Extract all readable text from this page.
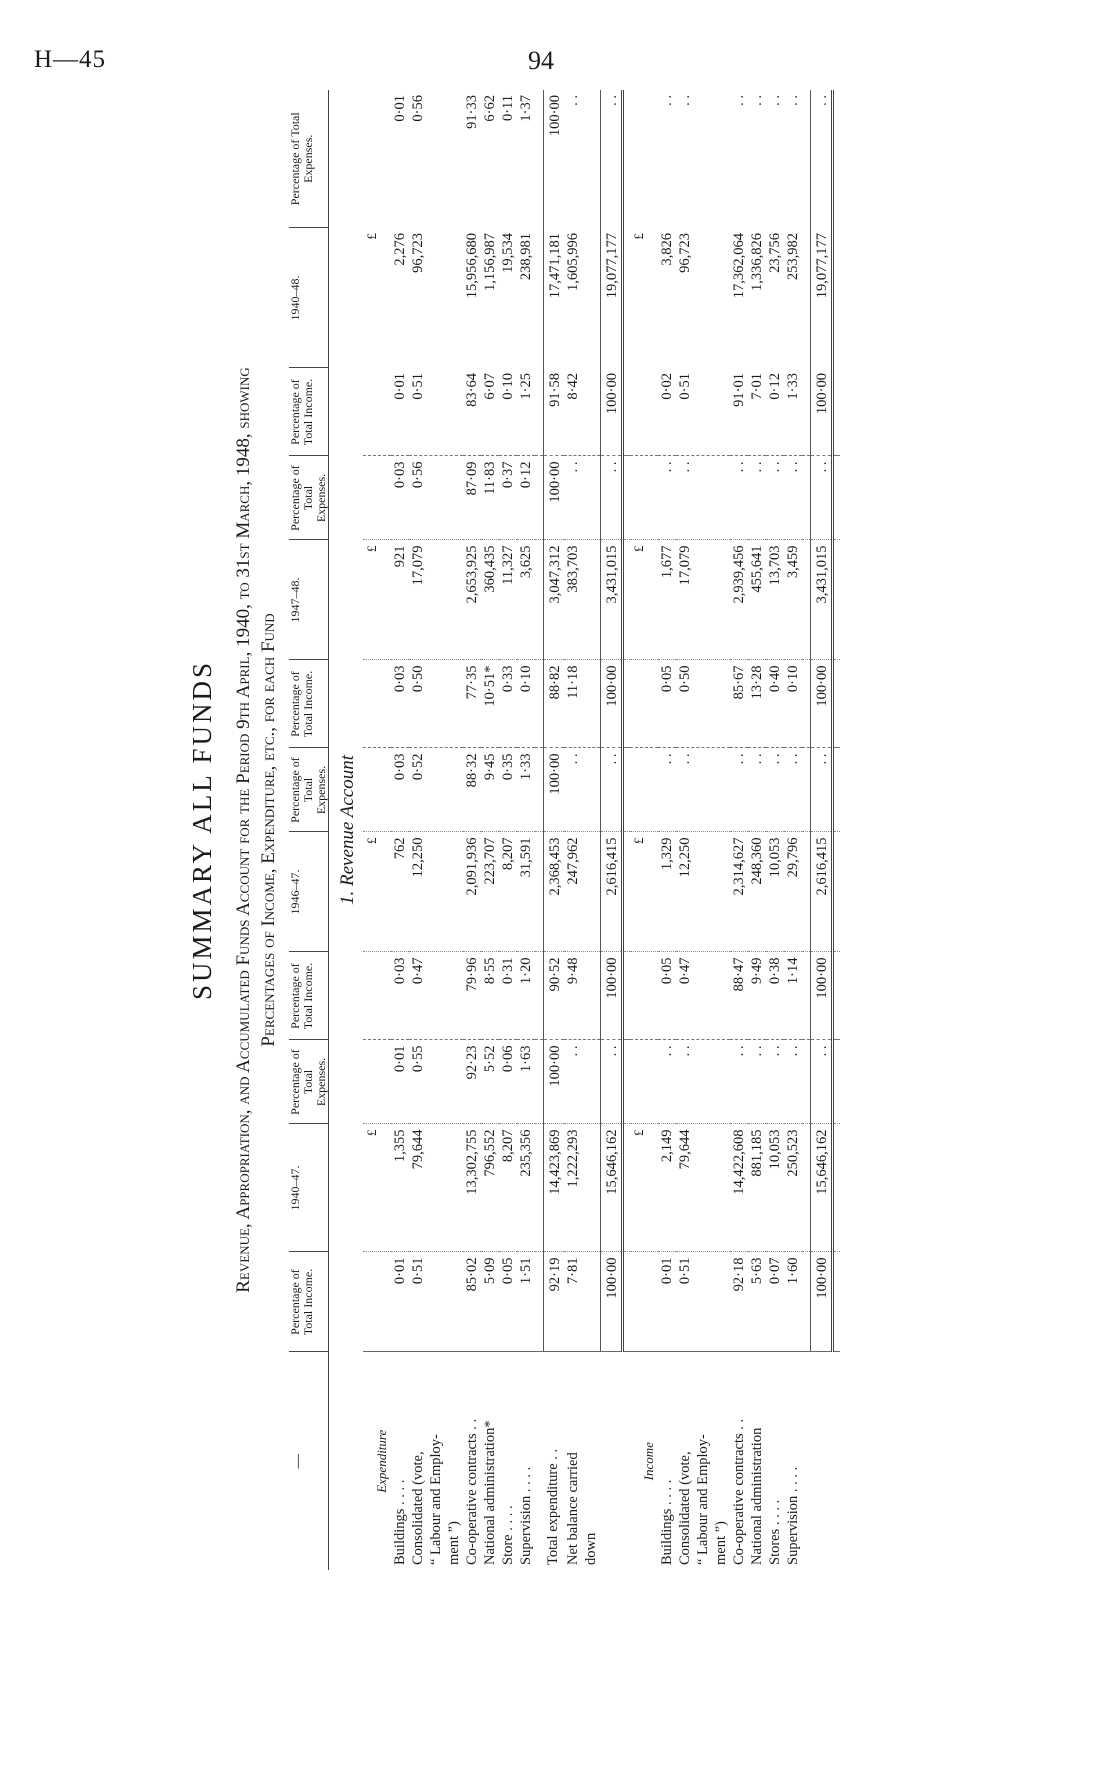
H—45	94
SUMMARY ALL FUNDS Revenue, Appropriation, and Accumulated Funds Account for the Period 9th April, 1940, to 31st March, 1948, showing Percentages of Income, Expenditure, etc., for each Fund
—	Percentage of Total Income.	1940–47.	Percentage of Total Expenses.	Percentage of Total Income.	1946–47.	Percentage of Total Expenses.	Percentage of Total Income.	1947–48.	Percentage of Total Expenses.	Percentage of Total Income.	1940–48.	Percentage of Total Expenses.
1. Revenue Account												
Expenditure		£			£			£			£	
Buildings . . . .	0·01	1,355	0·01	0·03	762	0·03	0·03	921	0·03	0·01	2,276	0·01
Consolidated (vote,
“ Labour and Employ-
ment ”)	0·51	79,644	0·55	0·47	12,250	0·52	0·50	17,079	0·56	0·51	96,723	0·56
Co-operative contracts . .	85·02	13,302,755	92·23	79·96	2,091,936	88·32	77·35	2,653,925	87·09	83·64	15,956,680	91·33
National administration*	5·09	796,552	5·52	8·55	223,707	9·45	10·51*	360,435	11·83	6·07	1,156,987	6·62
Store . . . .	0·05	8,207	0·06	0·31	8,207	0·35	0·33	11,327	0·37	0·10	19,534	0·11
Supervision . . . .	1·51	235,356	1·63	1·20	31,591	1·33	0·10	3,625	0·12	1·25	238,981	1·37

Total expenditure . .	92·19	14,423,869	100·00	90·52	2,368,453	100·00	88·82	3,047,312	100·00	91·58	17,471,181	100·00
Net balance carried
down	7·81	1,222,293	. .	9·48	247,962	. .	11·18	383,703	. .	8·42	1,605,996	. .
	100·00	15,646,162	. .	100·00	2,616,415	. .	100·00	3,431,015	. .	100·00	19,077,177	. .

Income		£			£			£			£	
Buildings . . . .	0·01	2,149	. .	0·05	1,329	. .	0·05	1,677	. .	0·02	3,826	. .
Consolidated (vote,
“ Labour and Employ-
ment ”)	0·51	79,644	. .	0·47	12,250	. .	0·50	17,079	. .	0·51	96,723	. .
Co-operative contracts . .	92·18	14,422,608	. .	88·47	2,314,627	. .	85·67	2,939,456	. .	91·01	17,362,064	. .
National administration	5·63	881,185	. .	9·49	248,360	. .	13·28	455,641	. .	7·01	1,336,826	. .
Stores . . . .	0·07	10,053	. .	0·38	10,053	. .	0·40	13,703	. .	0·12	23,756	. .
Supervision . . . .	1·60	250,523	. .	1·14	29,796	. .	0·10	3,459	. .	1·33	253,982	. .

	100·00	15,646,162	. .	100·00	2,616,415	. .	100·00	3,431,015	. .	100·00	19,077,177	. .
